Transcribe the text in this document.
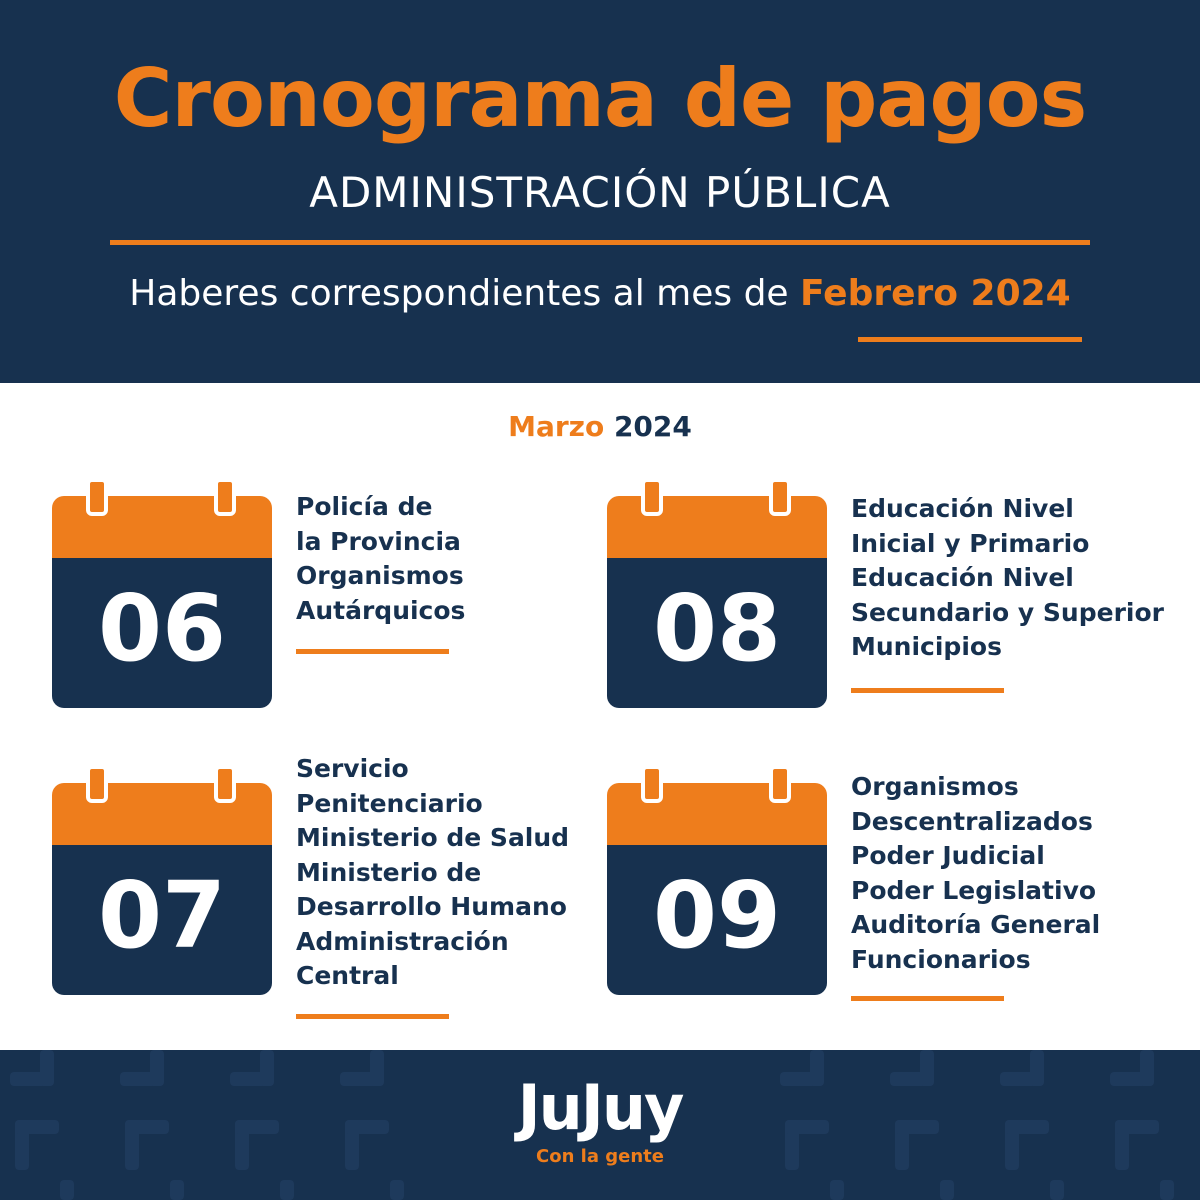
Cronograma de pagos
ADMINISTRACIÓN PÚBLICA
Haberes correspondientes al mes de Febrero 2024
Marzo 2024
06
Policía de
la Provincia
Organismos
Autárquicos	08
Educación Nivel
Inicial y Primario
Educación Nivel
Secundario y Superior
Municipios
07
Servicio
Penitenciario
Ministerio de Salud
Ministerio de
Desarrollo Humano
Administración
Central
09
Organismos
Descentralizados
Poder Judicial
Poder Legislativo
Auditoría General
Funcionarios
JuJuy
Con la gente
